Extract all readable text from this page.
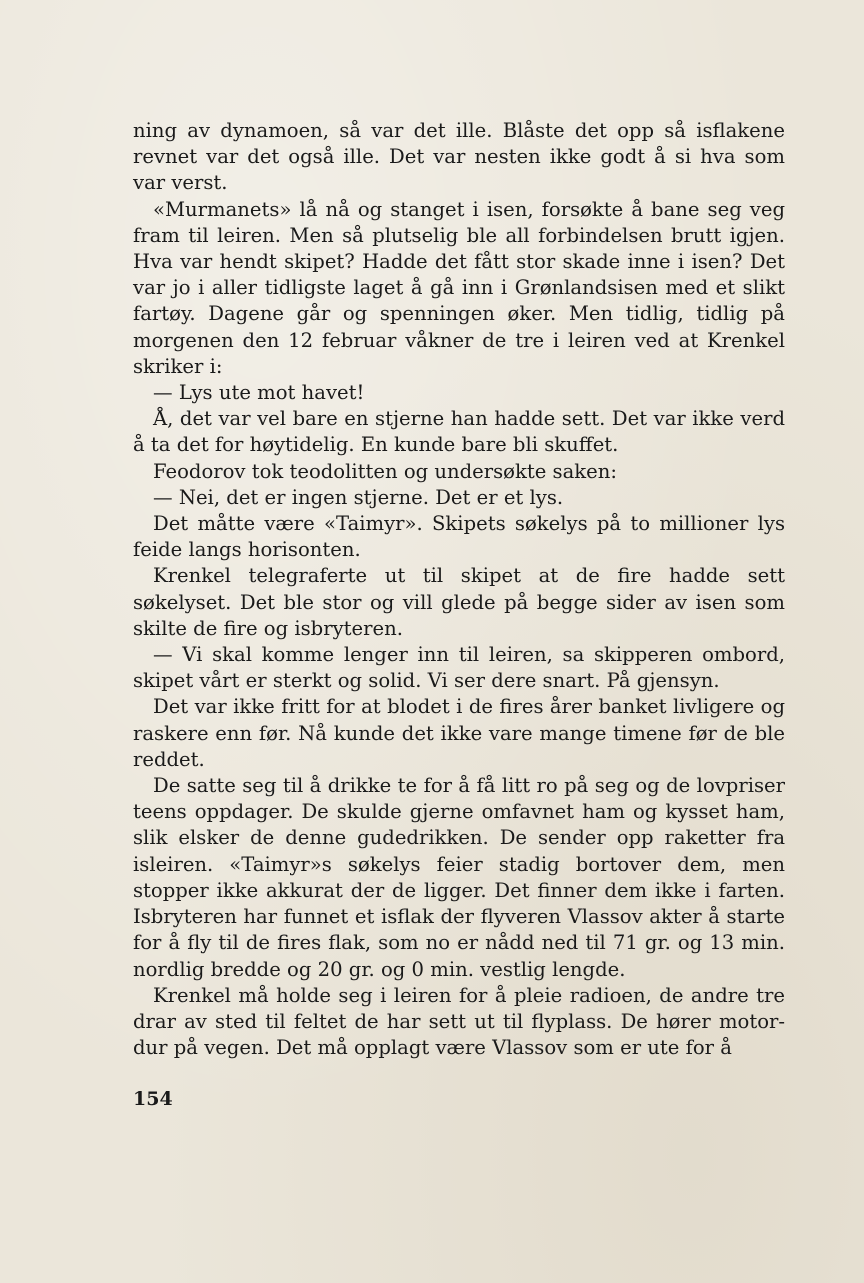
ning av dynamoen, så var det ille. Blåste det opp så isflakene revnet var det også ille. Det var nesten ikke godt å si hva som var verst.

«Murmanets» lå nå og stanget i isen, forsøkte å bane seg veg fram til leiren. Men så plutselig ble all forbindelsen brutt igjen. Hva var hendt skipet? Hadde det fått stor skade inne i isen? Det var jo i aller tidligste laget å gå inn i Grønlandsisen med et slikt fartøy. Dagene går og spenningen øker. Men tidlig, tidlig på morgenen den 12 februar våkner de tre i leiren ved at Krenkel skriker i:

— Lys ute mot havet!

Å, det var vel bare en stjerne han hadde sett. Det var ikke verd å ta det for høytidelig. En kunde bare bli skuffet.

Feodorov tok teodolitten og undersøkte saken:

— Nei, det er ingen stjerne. Det er et lys.

Det måtte være «Taimyr». Skipets søkelys på to millioner lys feide langs horisonten.

Krenkel telegraferte ut til skipet at de fire hadde sett søkelyset. Det ble stor og vill glede på begge sider av isen som skilte de fire og isbryteren.

— Vi skal komme lenger inn til leiren, sa skipperen ombord, skipet vårt er sterkt og solid. Vi ser dere snart. På gjensyn.

Det var ikke fritt for at blodet i de fires årer banket livligere og raskere enn før. Nå kunde det ikke vare mange timene før de ble reddet.

De satte seg til å drikke te for å få litt ro på seg og de lovpriser teens oppdager. De skulde gjerne omfavnet ham og kysset ham, slik elsker de denne gudedrikken. De sender opp raketter fra isleiren. «Taimyr»s søkelys feier stadig bortover dem, men stopper ikke akkurat der de ligger. Det finner dem ikke i farten. Isbryteren har funnet et isflak der flyveren Vlassov akter å starte for å fly til de fires flak, som no er nådd ned til 71 gr. og 13 min. nordlig bredde og 20 gr. og 0 min. vestlig lengde.

Krenkel må holde seg i leiren for å pleie radioen, de andre tre drar av sted til feltet de har sett ut til flyplass. De hører motordur på vegen. Det må opplagt være Vlassov som er ute for å

154
